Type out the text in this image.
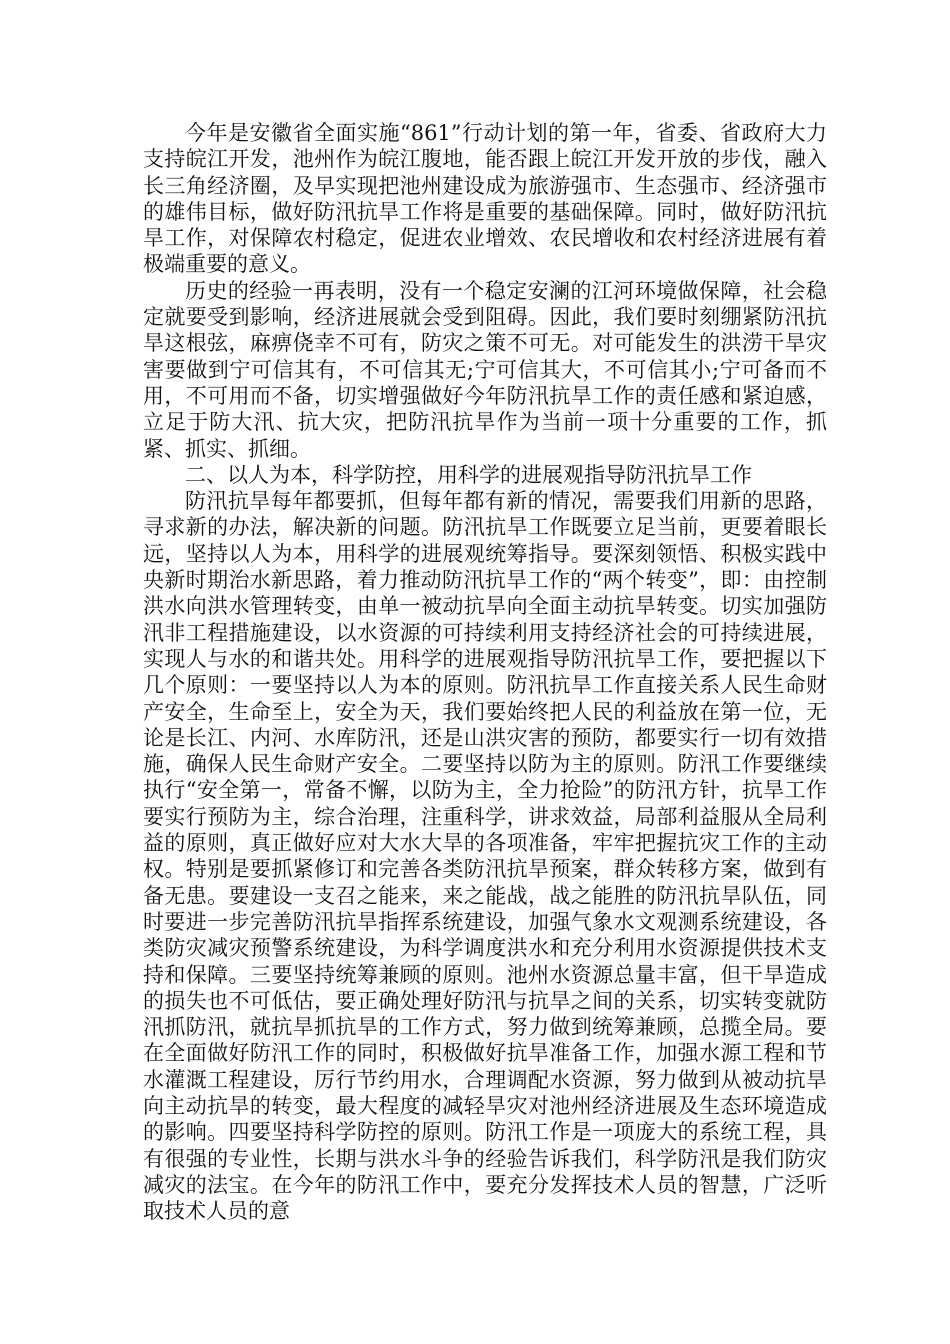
今年是安徽省全面实施“861”行动计划的第一年，省委、省政府大力支持皖江开发，池州作为皖江腹地，能否跟上皖江开发开放的步伐，融入长三角经济圈，及早实现把池州建设成为旅游强市、生态强市、经济强市的雄伟目标，做好防汛抗旱工作将是重要的基础保障。同时，做好防汛抗旱工作，对保障农村稳定，促进农业增效、农民增收和农村经济进展有着极端重要的意义。

历史的经验一再表明，没有一个稳定安澜的江河环境做保障，社会稳定就要受到影响，经济进展就会受到阻碍。因此，我们要时刻绷紧防汛抗旱这根弦，麻痹侥幸不可有，防灾之策不可无。对可能发生的洪涝干旱灾害要做到宁可信其有，不可信其无;宁可信其大，不可信其小;宁可备而不用，不可用而不备，切实增强做好今年防汛抗旱工作的责任感和紧迫感，立足于防大汛、抗大灾，把防汛抗旱作为当前一项十分重要的工作，抓紧、抓实、抓细。

二、以人为本，科学防控，用科学的进展观指导防汛抗旱工作

防汛抗旱每年都要抓，但每年都有新的情况，需要我们用新的思路，寻求新的办法，解决新的问题。防汛抗旱工作既要立足当前，更要着眼长远，坚持以人为本，用科学的进展观统筹指导。要深刻领悟、积极实践中央新时期治水新思路，着力推动防汛抗旱工作的“两个转变”，即：由控制洪水向洪水管理转变，由单一被动抗旱向全面主动抗旱转变。切实加强防汛非工程措施建设，以水资源的可持续利用支持经济社会的可持续进展，实现人与水的和谐共处。用科学的进展观指导防汛抗旱工作，要把握以下几个原则：一要坚持以人为本的原则。防汛抗旱工作直接关系人民生命财产安全，生命至上，安全为天，我们要始终把人民的利益放在第一位，无论是长江、内河、水库防汛，还是山洪灾害的预防，都要实行一切有效措施，确保人民生命财产安全。二要坚持以防为主的原则。防汛工作要继续执行“安全第一，常备不懈，以防为主，全力抢险”的防汛方针，抗旱工作要实行预防为主，综合治理，注重科学，讲求效益，局部利益服从全局利益的原则，真正做好应对大水大旱的各项准备，牢牢把握抗灾工作的主动权。特别是要抓紧修订和完善各类防汛抗旱预案，群众转移方案，做到有备无患。要建设一支召之能来，来之能战，战之能胜的防汛抗旱队伍，同时要进一步完善防汛抗旱指挥系统建设，加强气象水文观测系统建设，各类防灾减灾预警系统建设，为科学调度洪水和充分利用水资源提供技术支持和保障。三要坚持统筹兼顾的原则。池州水资源总量丰富，但干旱造成的损失也不可低估，要正确处理好防汛与抗旱之间的关系，切实转变就防汛抓防汛，就抗旱抓抗旱的工作方式，努力做到统筹兼顾，总揽全局。要在全面做好防汛工作的同时，积极做好抗旱准备工作，加强水源工程和节水灌溉工程建设，厉行节约用水，合理调配水资源，努力做到从被动抗旱向主动抗旱的转变，最大程度的减轻旱灾对池州经济进展及生态环境造成的影响。四要坚持科学防控的原则。防汛工作是一项庞大的系统工程，具有很强的专业性，长期与洪水斗争的经验告诉我们，科学防汛是我们防灾减灾的法宝。在今年的防汛工作中，要充分发挥技术人员的智慧，广泛听取技术人员的意
